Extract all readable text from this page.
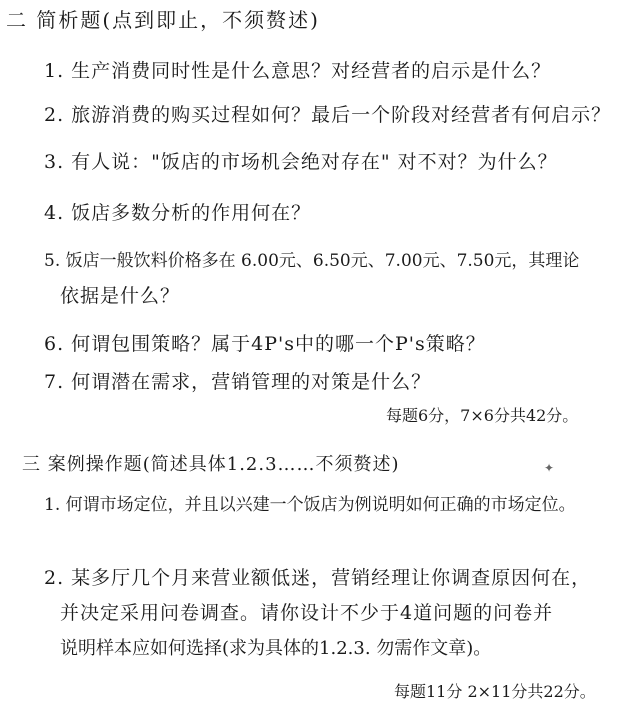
二 简析题(点到即止，不须赘述)
1. 生产消费同时性是什么意思？对经营者的启示是什么？
2. 旅游消费的购买过程如何？最后一个阶段对经营者有何启示？
3. 有人说："饭店的市场机会绝对存在" 对不对？为什么？
4. 饭店多数分析的作用何在？
5. 饭店一般饮料价格多在 6.00元、6.50元、7.00元、7.50元，其理论
依据是什么？
6. 何谓包围策略？属于4P's中的哪一个P's策略？
7. 何谓潜在需求，营销管理的对策是什么？
每题6分，7×6分共42分。
三 案例操作题(简述具体1.2.3……不须赘述)	✦
1. 何谓市场定位，并且以兴建一个饭店为例说明如何正确的市场定位。
2. 某多厅几个月来营业额低迷，营销经理让你调查原因何在，
并决定采用问卷调查。请你设计不少于4道问题的问卷并
说明样本应如何选择(求为具体的1.2.3. 勿需作文章)。
每题11分 2×11分共22分。
